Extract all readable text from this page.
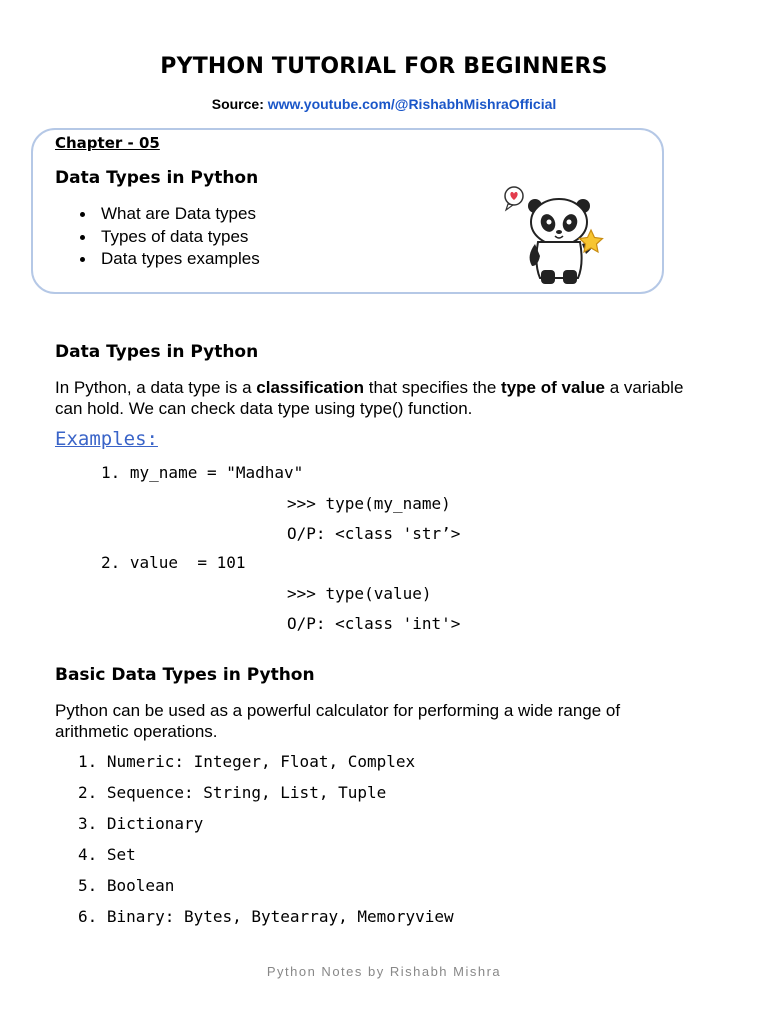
PYTHON TUTORIAL FOR BEGINNERS
Source: www.youtube.com/@RishabhMishraOfficial
Chapter - 05
Data Types in Python
What are Data types
Types of data types
Data types examples
Data Types in Python
In Python, a data type is a classification that specifies the type of value a variable can hold. We can check data type using type() function.
Examples:
1. my_name = "Madhav"
>>> type(my_name)
O/P: <class 'str’>
2. value  = 101
>>> type(value)
O/P: <class 'int'>
Basic Data Types in Python
Python can be used as a powerful calculator for performing a wide range of arithmetic operations.
1. Numeric: Integer, Float, Complex
2. Sequence: String, List, Tuple
3. Dictionary
4. Set
5. Boolean
6. Binary: Bytes, Bytearray, Memoryview
Python Notes by Rishabh Mishra
